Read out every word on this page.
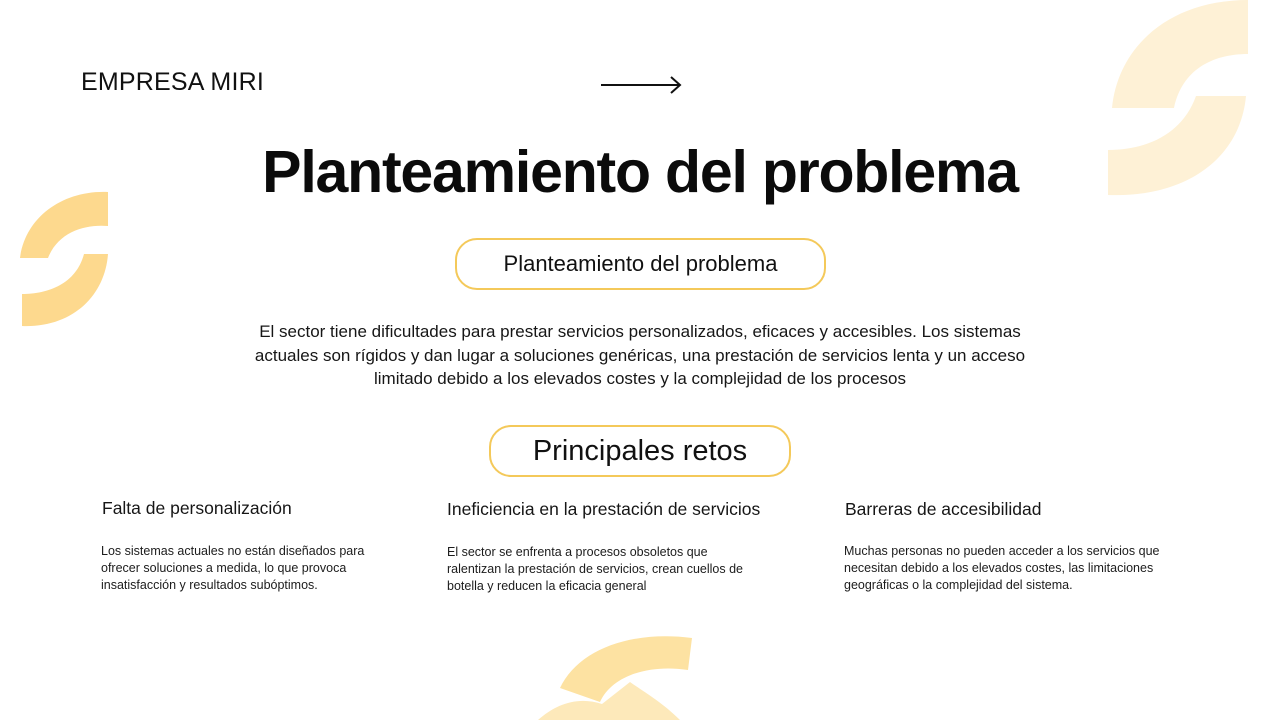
EMPRESA MIRI
Planteamiento del problema
Planteamiento del problema
El sector tiene dificultades para prestar servicios personalizados, eficaces y accesibles. Los sistemas actuales son rígidos y dan lugar a soluciones genéricas, una prestación de servicios lenta y un acceso limitado debido a los elevados costes y la complejidad de los procesos
Principales retos
Falta de personalización
Los sistemas actuales no están diseñados para ofrecer soluciones a medida, lo que provoca insatisfacción y resultados subóptimos.
Ineficiencia en la prestación de servicios
El sector se enfrenta a procesos obsoletos que ralentizan la prestación de servicios, crean cuellos de botella y reducen la eficacia general
Barreras de accesibilidad
Muchas personas no pueden acceder a los servicios que necesitan debido a los elevados costes, las limitaciones geográficas o la complejidad del sistema.
